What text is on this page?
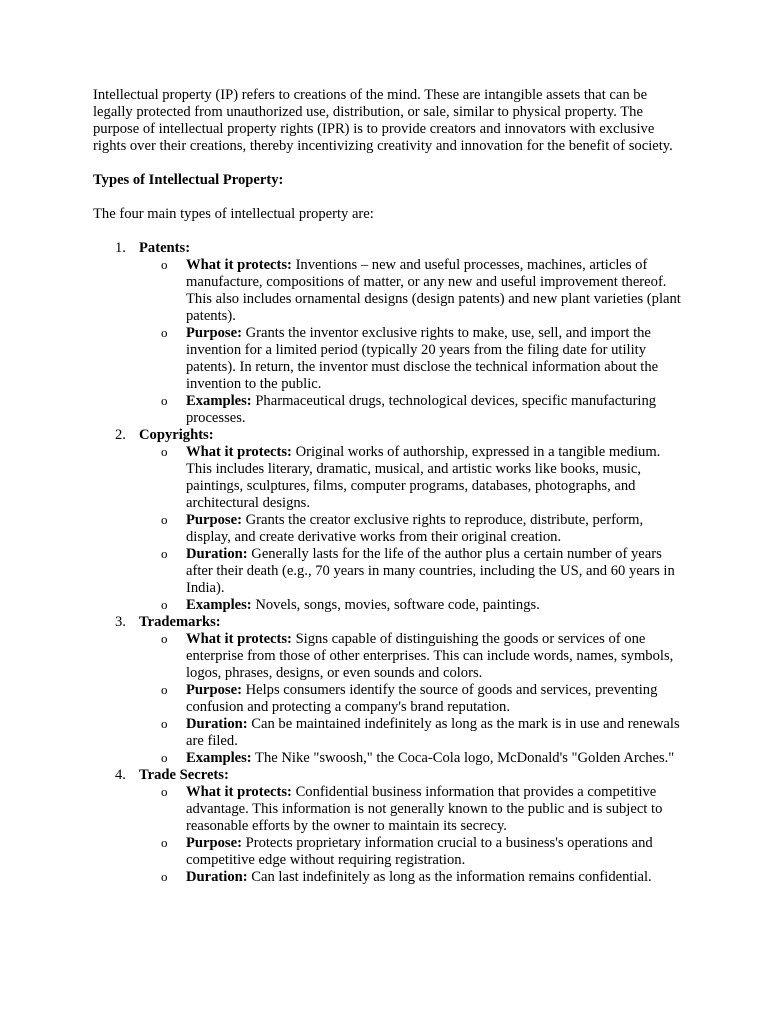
Intellectual property (IP) refers to creations of the mind. These are intangible assets that can be legally protected from unauthorized use, distribution, or sale, similar to physical property. The purpose of intellectual property rights (IPR) is to provide creators and innovators with exclusive rights over their creations, thereby incentivizing creativity and innovation for the benefit of society.

Types of Intellectual Property:

The four main types of intellectual property are:

1. Patents:
o What it protects: Inventions – new and useful processes, machines, articles of manufacture, compositions of matter, or any new and useful improvement thereof. This also includes ornamental designs (design patents) and new plant varieties (plant patents).
o Purpose: Grants the inventor exclusive rights to make, use, sell, and import the invention for a limited period (typically 20 years from the filing date for utility patents). In return, the inventor must disclose the technical information about the invention to the public.
o Examples: Pharmaceutical drugs, technological devices, specific manufacturing processes.
2. Copyrights:
o What it protects: Original works of authorship, expressed in a tangible medium. This includes literary, dramatic, musical, and artistic works like books, music, paintings, sculptures, films, computer programs, databases, photographs, and architectural designs.
o Purpose: Grants the creator exclusive rights to reproduce, distribute, perform, display, and create derivative works from their original creation.
o Duration: Generally lasts for the life of the author plus a certain number of years after their death (e.g., 70 years in many countries, including the US, and 60 years in India).
o Examples: Novels, songs, movies, software code, paintings.
3. Trademarks:
o What it protects: Signs capable of distinguishing the goods or services of one enterprise from those of other enterprises. This can include words, names, symbols, logos, phrases, designs, or even sounds and colors.
o Purpose: Helps consumers identify the source of goods and services, preventing confusion and protecting a company's brand reputation.
o Duration: Can be maintained indefinitely as long as the mark is in use and renewals are filed.
o Examples: The Nike "swoosh," the Coca-Cola logo, McDonald's "Golden Arches."
4. Trade Secrets:
o What it protects: Confidential business information that provides a competitive advantage. This information is not generally known to the public and is subject to reasonable efforts by the owner to maintain its secrecy.
o Purpose: Protects proprietary information crucial to a business's operations and competitive edge without requiring registration.
o Duration: Can last indefinitely as long as the information remains confidential.
